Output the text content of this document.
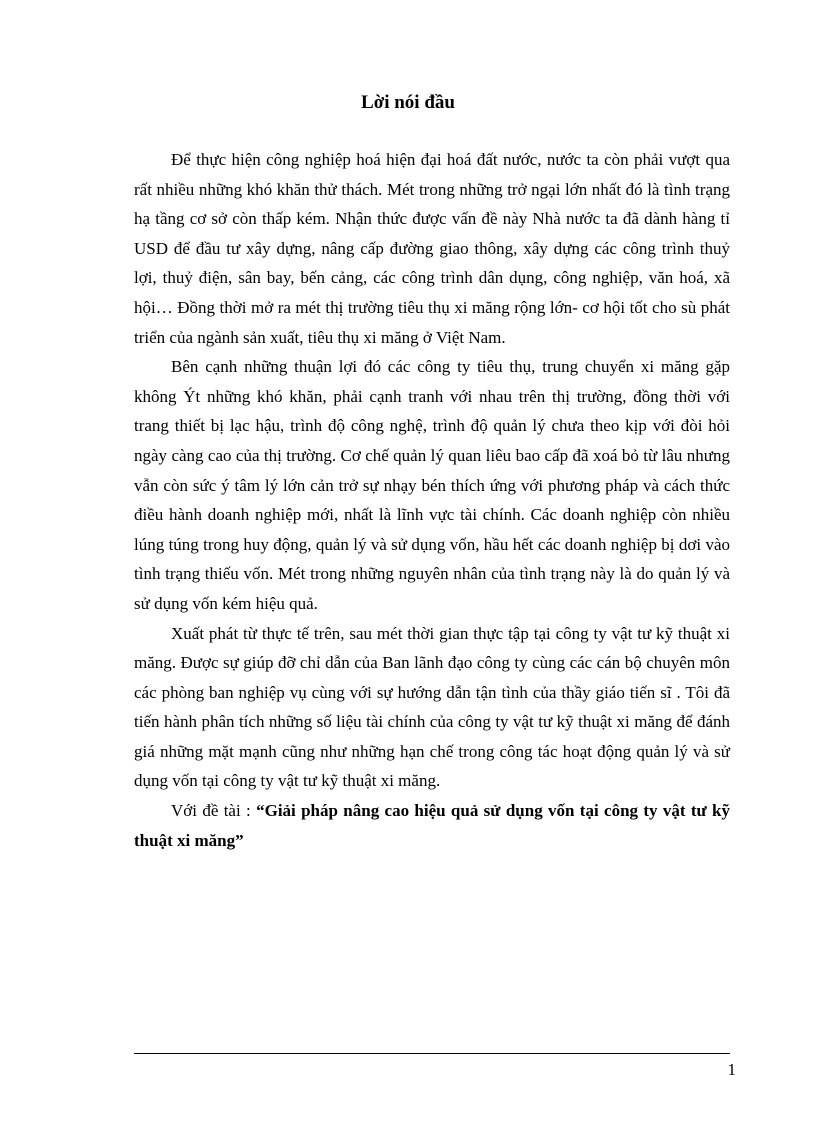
Lời nói đầu

Để thực hiện công nghiệp hoá hiện đại hoá đất nước, nước ta còn phải vượt qua rất nhiều những khó khăn thử thách. Mét trong những trở ngại lớn nhất đó là tình trạng hạ tầng cơ sở còn thấp kém. Nhận thức được vấn đề này Nhà nước ta đã dành hàng tỉ USD để đầu tư xây dựng, nâng cấp đường giao thông, xây dựng các công trình thuỷ lợi, thuỷ điện, sân bay, bến cảng, các công trình dân dụng, công nghiệp, văn hoá, xã hội… Đồng thời mở ra mét thị trường tiêu thụ xi măng rộng lớn- cơ hội tốt cho sù phát triển của ngành sản xuất, tiêu thụ xi măng ở Việt Nam.

Bên cạnh những thuận lợi đó các công ty tiêu thụ, trung chuyển xi măng gặp không Ýt những khó khăn, phải cạnh tranh với nhau trên thị trường, đồng thời với trang thiết bị lạc hậu, trình độ công nghệ, trình độ quản lý chưa theo kịp với đòi hỏi ngày càng cao của thị trường. Cơ chế quản lý quan liêu bao cấp đã xoá bỏ từ lâu nhưng vẫn còn sức ý tâm lý lớn cản trở sự nhạy bén thích ứng với phương pháp và cách thức điều hành doanh nghiệp mới, nhất là lĩnh vực tài chính. Các doanh nghiệp còn nhiều lúng túng trong huy động, quản lý và sử dụng vốn, hầu hết các doanh nghiệp bị dơi vào tình trạng thiếu vốn. Mét trong những nguyên nhân của tình trạng này là do quản lý và sử dụng vốn kém hiệu quả.

Xuất phát từ thực tế trên, sau mét thời gian thực tập tại công ty vật tư kỹ thuật xi măng. Được sự giúp đỡ chỉ dẫn của Ban lãnh đạo công ty cùng các cán bộ chuyên môn các phòng ban nghiệp vụ cùng với sự hướng dẫn tận tình của thầy giáo tiến sĩ . Tôi đã tiến hành phân tích những số liệu tài chính của công ty vật tư kỹ thuật xi măng để đánh giá những mặt mạnh cũng như những hạn chế trong công tác hoạt động quản lý và sử dụng vốn tại công ty vật tư kỹ thuật xi măng.

Với đề tài : “Giải pháp nâng cao hiệu quả sử dụng vốn tại công ty vật tư kỹ thuật xi măng”

1
